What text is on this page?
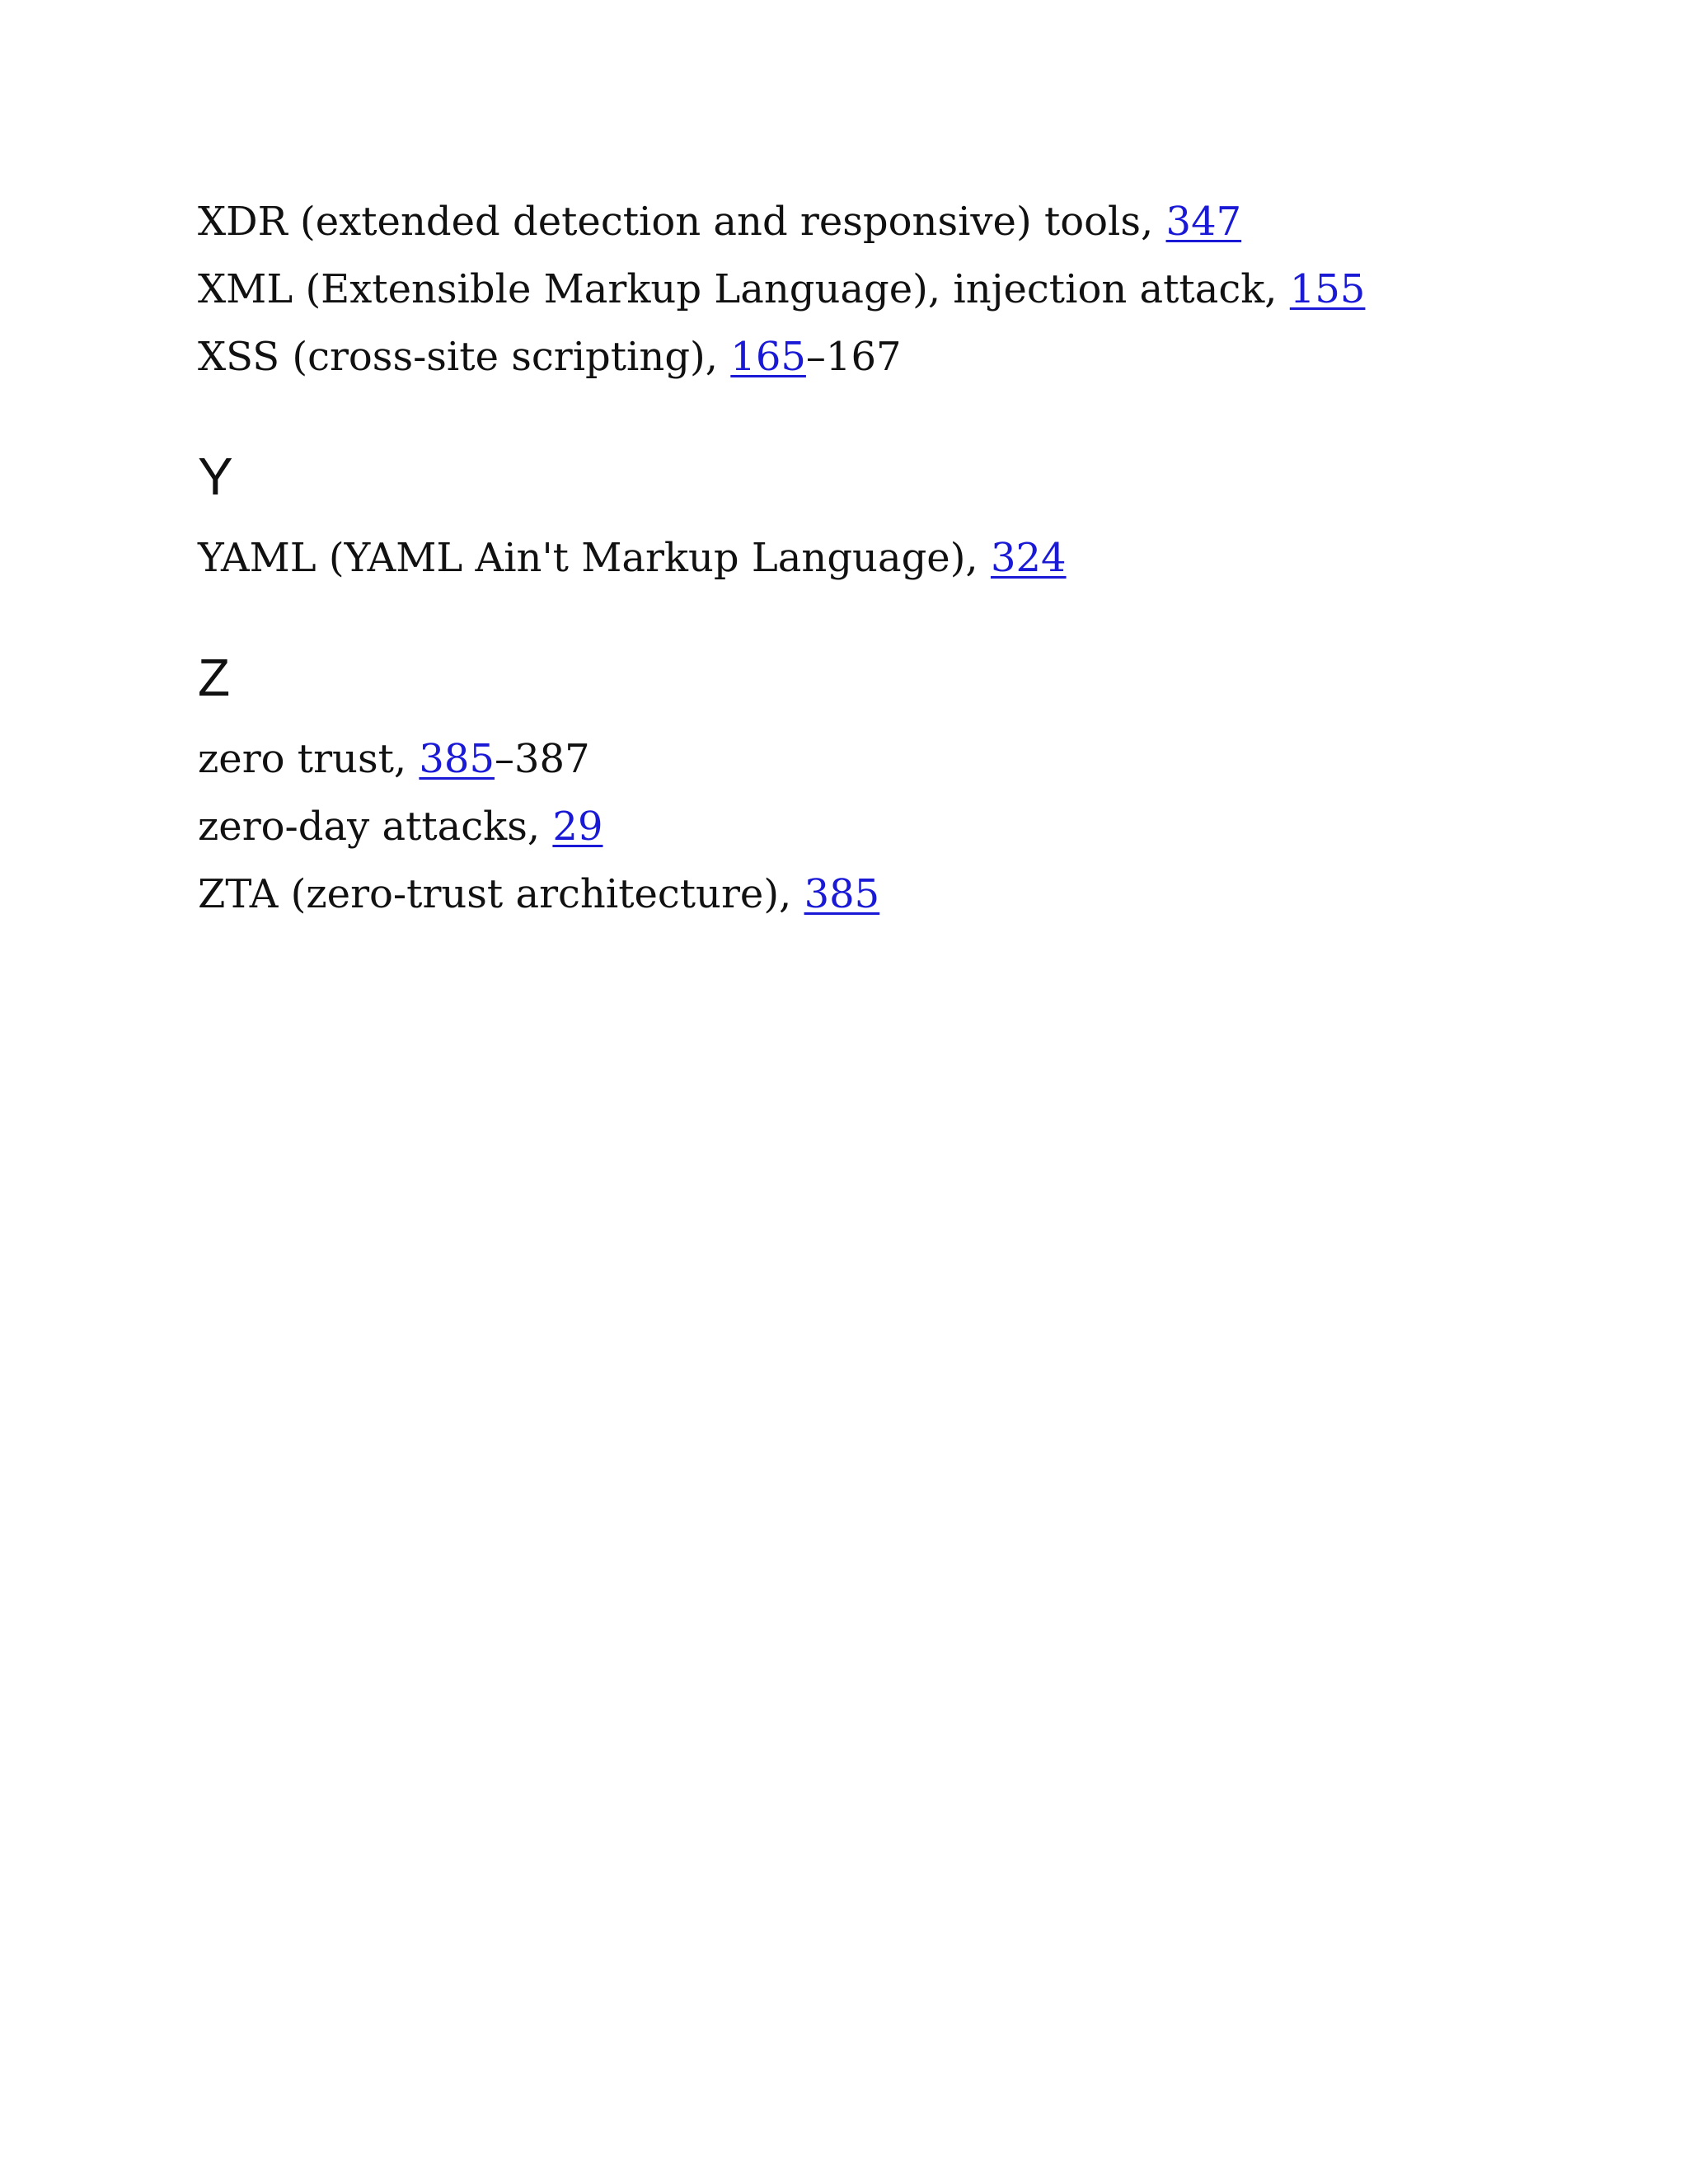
XDR (extended detection and responsive) tools, 347
XML (Extensible Markup Language), injection attack, 155
XSS (cross-site scripting), 165–167
Y
YAML (YAML Ain't Markup Language), 324
Z
zero trust, 385–387
zero-day attacks, 29
ZTA (zero-trust architecture), 385
